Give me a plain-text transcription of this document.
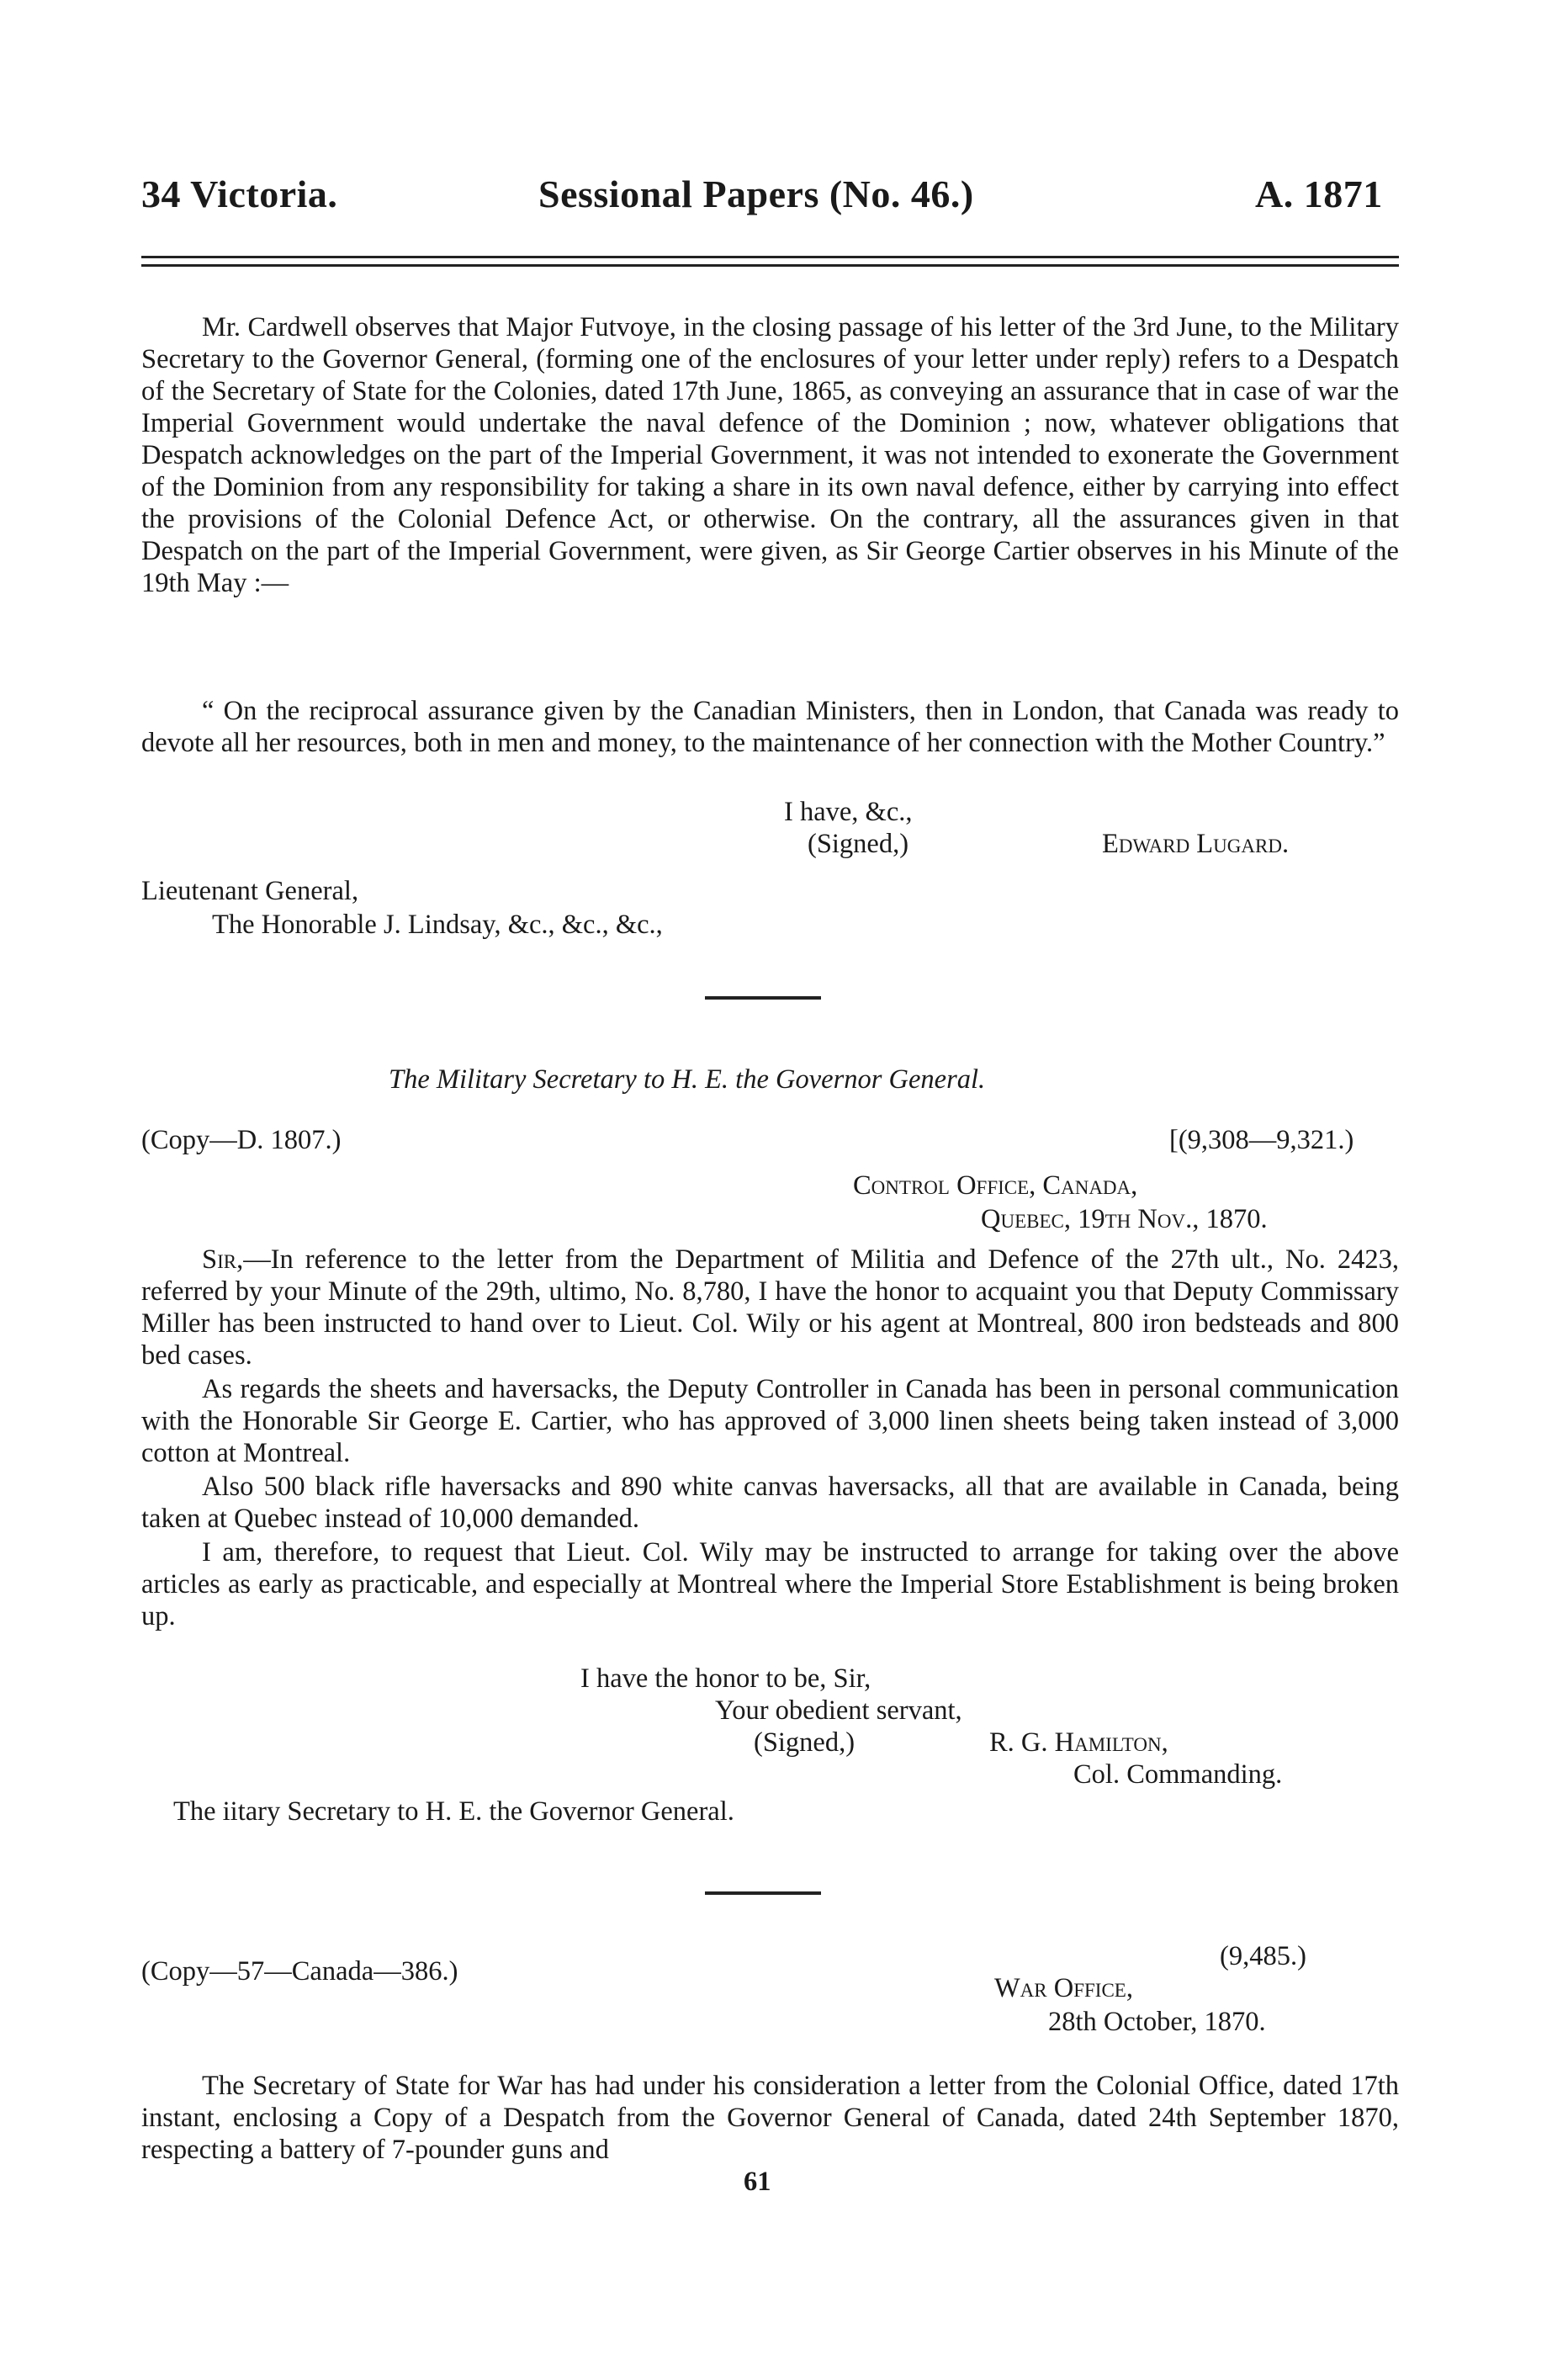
34 Victoria.	Sessional Papers (No. 46.)	A. 1871

Mr. Cardwell observes that Major Futvoye, in the closing passage of his letter of the 3rd June, to the Military Secretary to the Governor General, (forming one of the enclosures of your letter under reply) refers to a Despatch of the Secretary of State for the Colonies, dated 17th June, 1865, as conveying an assurance that in case of war the Imperial Government would undertake the naval defence of the Dominion ; now, whatever obligations that Despatch acknowledges on the part of the Imperial Government, it was not intended to exonerate the Government of the Dominion from any responsibility for taking a share in its own naval defence, either by carrying into effect the provisions of the Colonial Defence Act, or otherwise. On the contrary, all the assurances given in that Despatch on the part of the Imperial Government, were given, as Sir George Cartier observes in his Minute of the 19th May :—

“ On the reciprocal assurance given by the Canadian Ministers, then in London, that Canada was ready to devote all her resources, both in men and money, to the maintenance of her connection with the Mother Country.”

I have, &c.,
(Signed,)	Edward Lugard.
Lieutenant General,
The Honorable J. Lindsay, &c., &c., &c.,
The Military Secretary to H. E. the Governor General.
(Copy—D. 1807.)	[(9,308—9,321.)
Control Office, Canada,
Quebec, 19th Nov., 1870.

Sir,—In reference to the letter from the Department of Militia and Defence of the 27th ult., No. 2423, referred by your Minute of the 29th, ultimo, No. 8,780, I have the honor to acquaint you that Deputy Commissary Miller has been instructed to hand over to Lieut. Col. Wily or his agent at Montreal, 800 iron bedsteads and 800 bed cases.

As regards the sheets and haversacks, the Deputy Controller in Canada has been in personal communication with the Honorable Sir George E. Cartier, who has approved of 3,000 linen sheets being taken instead of 3,000 cotton at Montreal.

Also 500 black rifle haversacks and 890 white canvas haversacks, all that are available in Canada, being taken at Quebec instead of 10,000 demanded.

I am, therefore, to request that Lieut. Col. Wily may be instructed to arrange for taking over the above articles as early as practicable, and especially at Montreal where the Imperial Store Establishment is being broken up.

I have the honor to be, Sir,
Your obedient servant,
(Signed,)	R. G. Hamilton,
Col. Commanding.
The iitary Secretary to H. E. the Governor General.
(Copy—57—Canada—386.)	(9,485.)
War Office,
28th October, 1870.

The Secretary of State for War has had under his consideration a letter from the Colonial Office, dated 17th instant, enclosing a Copy of a Despatch from the Governor General of Canada, dated 24th September 1870, respecting a battery of 7-pounder guns and

61
